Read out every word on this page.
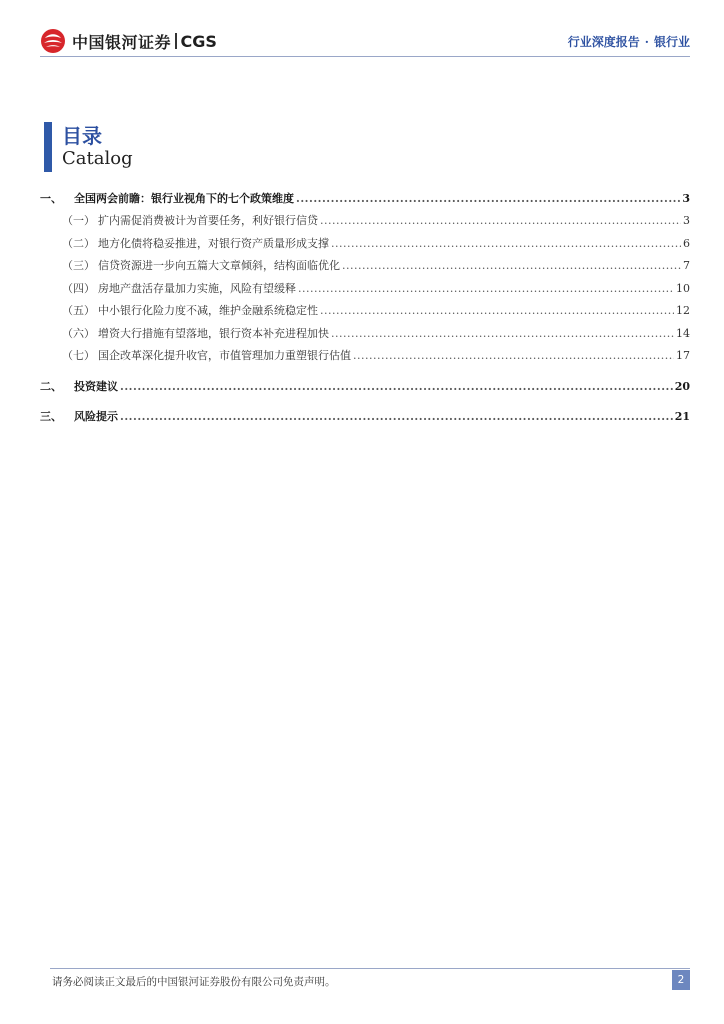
中国银河证券 CGS	行业深度报告 · 银行业
目录
Catalog
一、	全国两会前瞻：银行业视角下的七个政策维度 .....	3
（一） 扩内需促消费被计为首要任务，利好银行信贷 .....	3
（二） 地方化债将稳妥推进，对银行资产质量形成支撑 .....	6
（三） 信贷资源进一步向五篇大文章倾斜，结构面临优化 .....	7
（四） 房地产盘活存量加力实施，风险有望缓释 .....	10
（五） 中小银行化险力度不减，维护金融系统稳定性 .....	12
（六） 增资大行措施有望落地，银行资本补充进程加快 .....	14
（七） 国企改革深化提升收官，市值管理加力重塑银行估值 .....	17
二、	投资建议 .....	20
三、	风险提示 .....	21
请务必阅读正文最后的中国银河证券股份有限公司免责声明。	2
